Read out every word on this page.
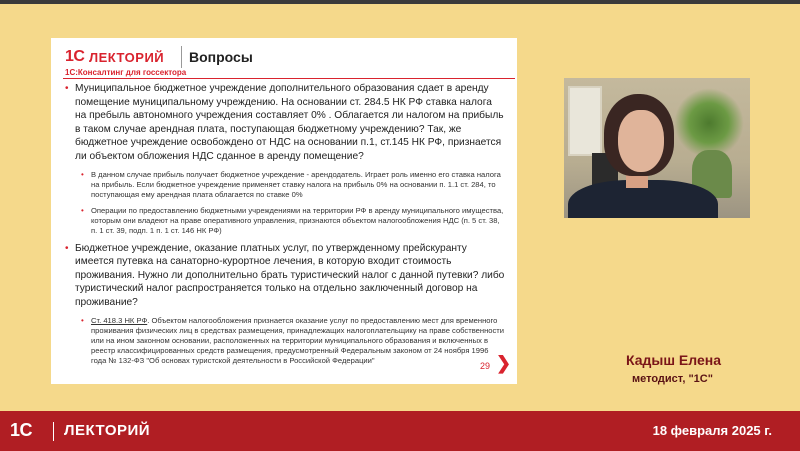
1С ЛЕКТОРИЙ Вопросы
1С:Консалтинг для госсектора
• Муниципальное бюджетное учреждение дополнительного образования сдает в аренду помещение муниципальному учреждению. На основании ст. 284.5 НК РФ ставка налога на пребыль автономного учреждения составляет 0% . Облагается ли налогом на прибыль в таком случае арендная плата, поступающая бюджетному учреждению? Так, же бюджетное учреждение освобождено от НДС на основании п.1, ст.145 НК РФ, признается ли объектом обложения НДС сданное в аренду помещение?
• В данном случае прибыль получает бюджетное учреждение - арендодатель. Играет роль именно его ставка налога на прибыль. Если бюджетное учреждение применяет ставку налога на прибыль 0% на основании п. 1.1 ст. 284, то поступающая ему арендная плата облагается по ставке 0%
• Операции по предоставлению бюджетными учреждениями на территории РФ в аренду муниципального имущества, которым они владеют на праве оперативного управления, признаются объектом налогообложения НДС (п. 5 ст. 38, п. 1 ст. 39, подп. 1 п. 1 ст. 146 НК РФ)
• Бюджетное учреждение, оказание платных услуг, по утвержденному прейскуранту имеется путевка на санаторно-курортное лечения, в которую входит стоимость проживания. Нужно ли дополнительно брать туристический налог с данной путевки? либо туристический налог распространяется только на отдельно заключенный договор на проживание?
• Ст. 418.3 НК РФ. Объектом налогообложения признается оказание услуг по предоставлению мест для временного проживания физических лиц в средствах размещения, принадлежащих налогоплательщику на праве собственности или на ином законном основании, расположенных на территории муниципального образования и включенных в реестр классифицированных средств размещения, предусмотренный Федеральным законом от 24 ноября 1996 года № 132-ФЗ "Об основах туристской деятельности в Российской Федерации"
29 ❯	Кадыш Елена
методист, "1С"
1С ЛЕКТОРИЙ	18 февраля 2025 г.
